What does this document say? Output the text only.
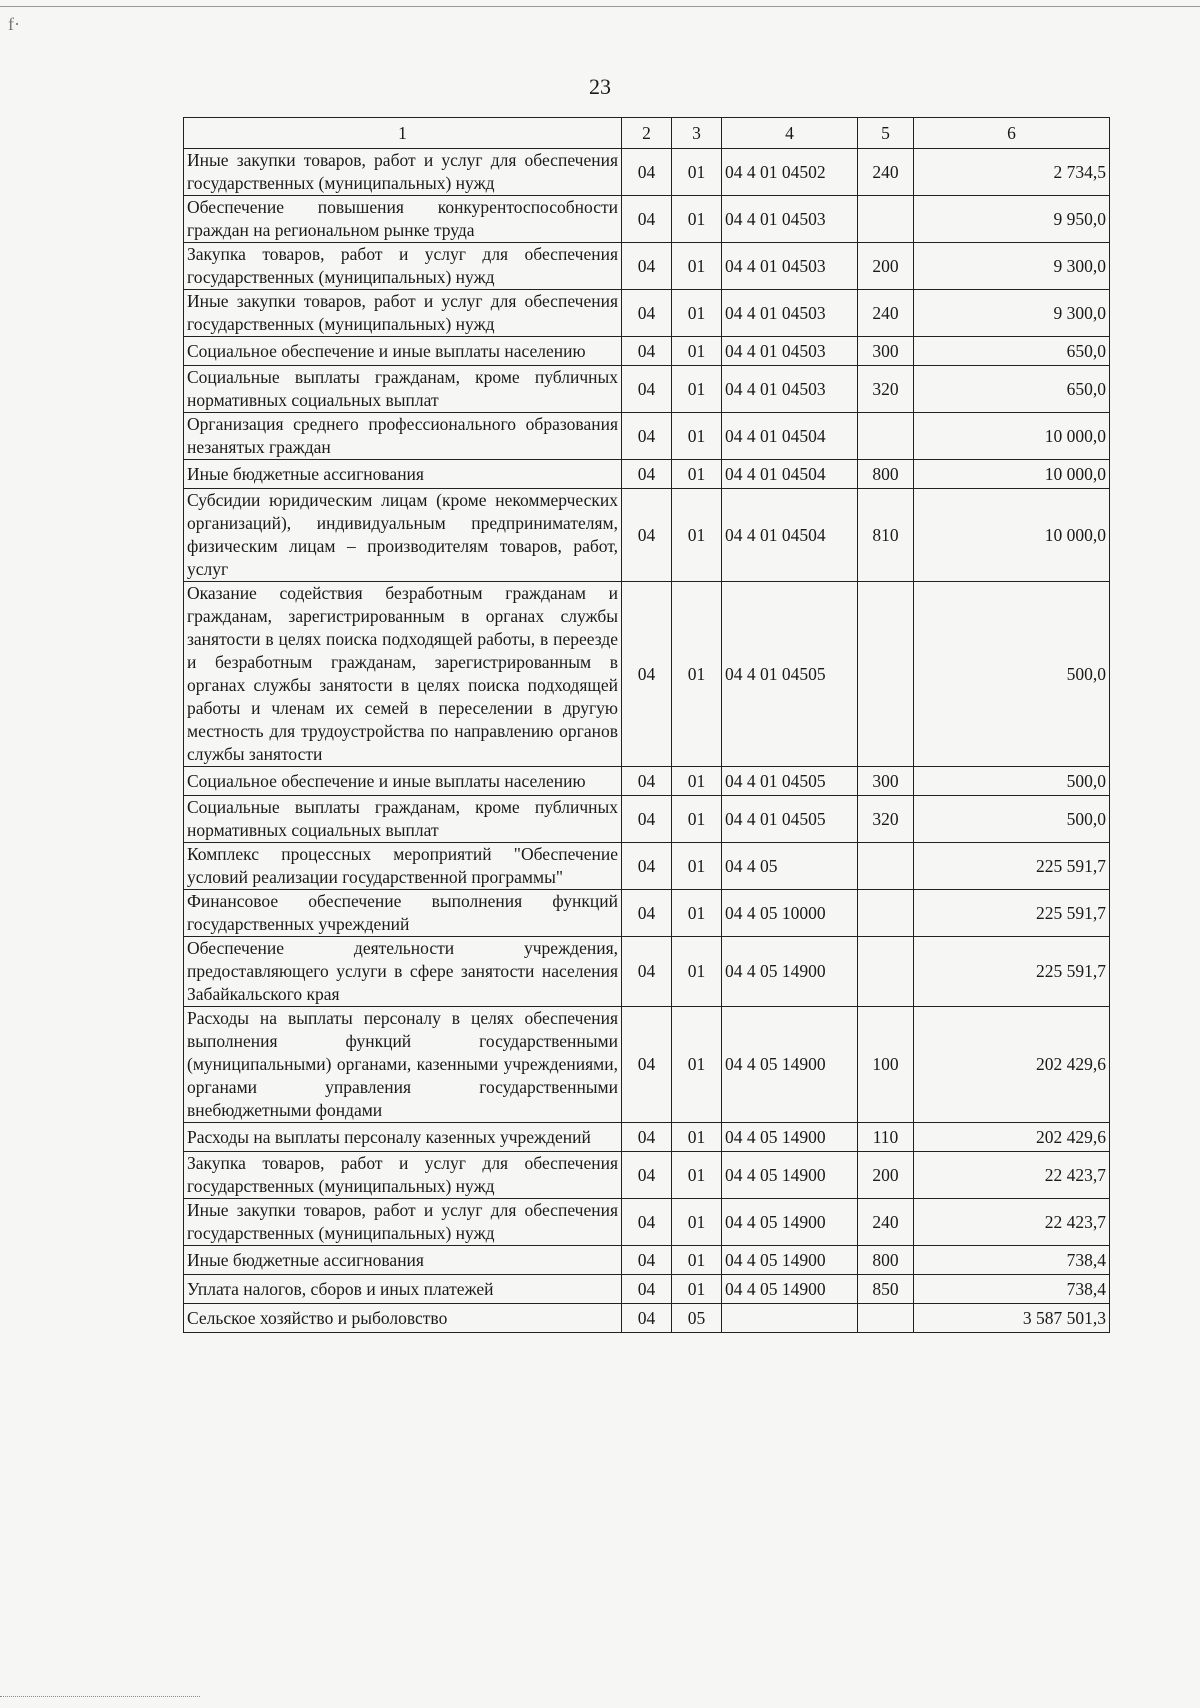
f·
23
1	2	3	4	5	6
Иные закупки товаров, работ и услуг для обеспечения государственных (муниципальных) нужд	04	01	04 4 01 04502	240	2 734,5
Обеспечение повышения конкурентоспособности граждан на региональном рынке труда	04	01	04 4 01 04503		9 950,0
Закупка товаров, работ и услуг для обеспечения государственных (муниципальных) нужд	04	01	04 4 01 04503	200	9 300,0
Иные закупки товаров, работ и услуг для обеспечения государственных (муниципальных) нужд	04	01	04 4 01 04503	240	9 300,0
Социальное обеспечение и иные выплаты населению	04	01	04 4 01 04503	300	650,0
Социальные выплаты гражданам, кроме публичных нормативных социальных выплат	04	01	04 4 01 04503	320	650,0
Организация среднего профессионального образования незанятых граждан	04	01	04 4 01 04504		10 000,0
Иные бюджетные ассигнования	04	01	04 4 01 04504	800	10 000,0
Субсидии юридическим лицам (кроме некоммерческих организаций), индивидуальным предпринимателям, физическим лицам – производителям товаров, работ, услуг	04	01	04 4 01 04504	810	10 000,0
Оказание содействия безработным гражданам и гражданам, зарегистрированным в органах службы занятости в целях поиска подходящей работы, в переезде и безработным гражданам, зарегистрированным в органах службы занятости в целях поиска подходящей работы и членам их семей в переселении в другую местность для трудоустройства по направлению органов службы занятости	04	01	04 4 01 04505		500,0
Социальное обеспечение и иные выплаты населению	04	01	04 4 01 04505	300	500,0
Социальные выплаты гражданам, кроме публичных нормативных социальных выплат	04	01	04 4 01 04505	320	500,0
Комплекс процессных мероприятий "Обеспечение условий реализации государственной программы"	04	01	04 4 05		225 591,7
Финансовое обеспечение выполнения функций государственных учреждений	04	01	04 4 05 10000		225 591,7
Обеспечение деятельности учреждения, предоставляющего услуги в сфере занятости населения Забайкальского края	04	01	04 4 05 14900		225 591,7
Расходы на выплаты персоналу в целях обеспечения выполнения функций государственными (муниципальными) органами, казенными учреждениями, органами управления государственными внебюджетными фондами	04	01	04 4 05 14900	100	202 429,6
Расходы на выплаты персоналу казенных учреждений	04	01	04 4 05 14900	110	202 429,6
Закупка товаров, работ и услуг для обеспечения государственных (муниципальных) нужд	04	01	04 4 05 14900	200	22 423,7
Иные закупки товаров, работ и услуг для обеспечения государственных (муниципальных) нужд	04	01	04 4 05 14900	240	22 423,7
Иные бюджетные ассигнования	04	01	04 4 05 14900	800	738,4
Уплата налогов, сборов и иных платежей	04	01	04 4 05 14900	850	738,4
Сельское хозяйство и рыболовство	04	05			3 587 501,3
